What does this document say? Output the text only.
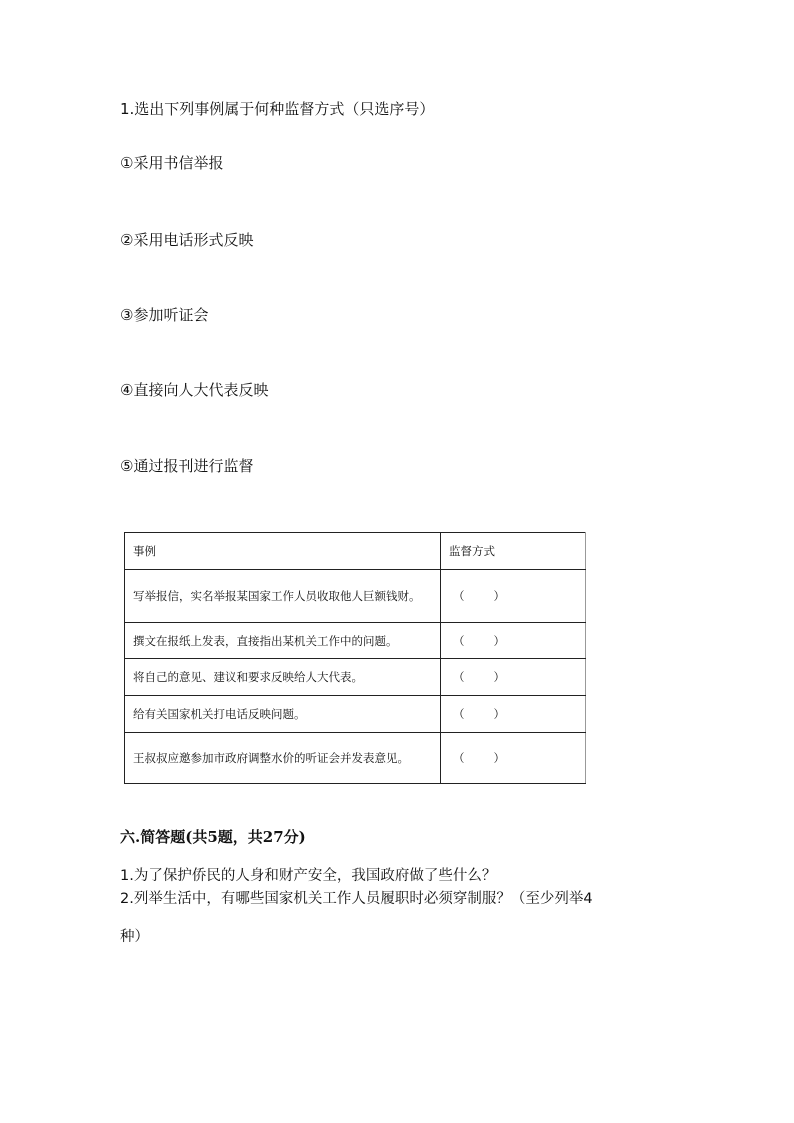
1.选出下列事例属于何种监督方式（只选序号）
①采用书信举报
②采用电话形式反映
③参加听证会
④直接向人大代表反映
⑤通过报刊进行监督
事例	监督方式
写举报信，实名举报某国家工作人员收取他人巨额钱财。	（ ）

撰文在报纸上发表，直接指出某机关工作中的问题。	（ ）

将自己的意见、建议和要求反映给人大代表。	（ ）

给有关国家机关打电话反映问题。	（ ）

王叔叔应邀参加市政府调整水价的听证会并发表意见。	（ ）
六.简答题(共5题，共27分)
1.为了保护侨民的人身和财产安全，我国政府做了些什么？
2.列举生活中，有哪些国家机关工作人员履职时必须穿制服？（至少列举4
种）
